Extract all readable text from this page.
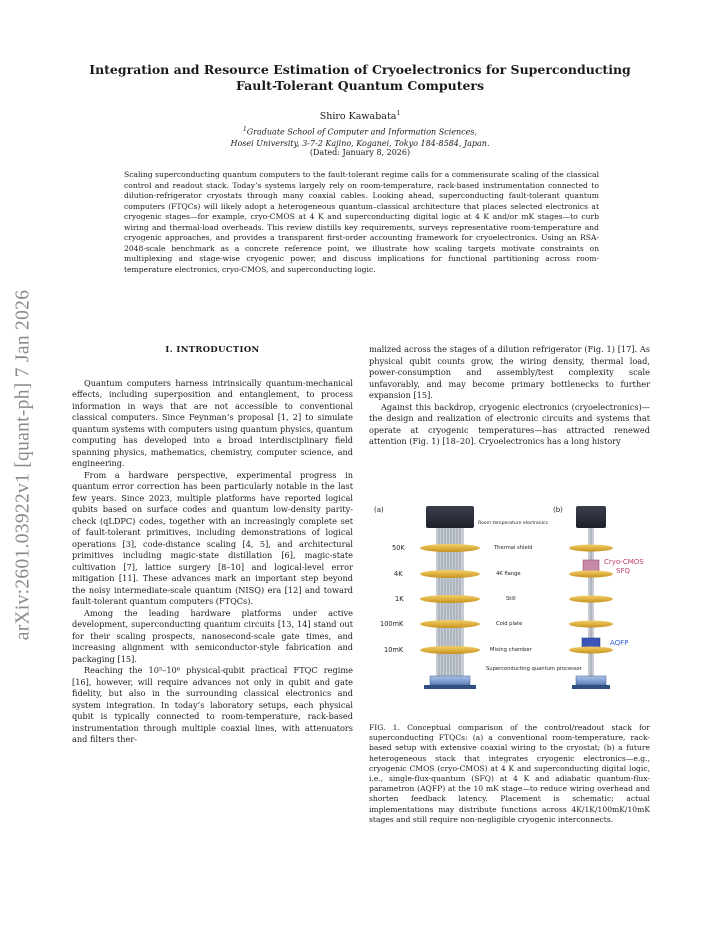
arXiv:2601.03922v1 [quant-ph] 7 Jan 2026
Integration and Resource Estimation of Cryoelectronics for Superconducting
Fault-Tolerant Quantum Computers
Shiro Kawabata$^1$
$^1$Graduate School of Computer and Information Sciences,
Hosei University, 3-7-2 Kajino, Koganei, Tokyo 184-8584, Japan.
(Dated: January 8, 2026)
Scaling superconducting quantum computers to the fault-tolerant regime calls for a commensurate scaling of the classical control and readout stack. Today’s systems largely rely on room-temperature, rack-based instrumentation connected to dilution-refrigerator cryostats through many coaxial cables. Looking ahead, superconducting fault-tolerant quantum computers (FTQCs) will likely adopt a heterogeneous quantum–classical architecture that places selected electronics at cryogenic stages—for example, cryo-CMOS at 4 K and superconducting digital logic at 4 K and/or mK stages—to curb wiring and thermal-load overheads. This review distills key requirements, surveys representative room-temperature and cryogenic approaches, and provides a transparent first-order accounting framework for cryoelectronics. Using an RSA-2048-scale benchmark as a concrete reference point, we illustrate how scaling targets motivate constraints on multiplexing and stage-wise cryogenic power, and discuss implications for functional partitioning across room-temperature electronics, cryo-CMOS, and superconducting logic.
I. INTRODUCTION

Quantum computers harness intrinsically quantum-mechanical effects, including superposition and entanglement, to process information in ways that are not accessible to conventional classical computers. Since Feynman’s proposal [1, 2] to simulate quantum systems with computers using quantum physics, quantum computing has developed into a broad interdisciplinary field spanning physics, mathematics, chemistry, computer science, and engineering.

From a hardware perspective, experimental progress in quantum error correction has been particularly notable in the last few years. Since 2023, multiple platforms have reported logical qubits based on surface codes and quantum low-density parity-check (qLDPC) codes, together with an increasingly complete set of fault-tolerant primitives, including demonstrations of logical operations [3], code-distance scaling [4, 5], and architectural primitives including magic-state distillation [6], magic-state cultivation [7], lattice surgery [8–10] and logical-level error mitigation [11]. These advances mark an important step beyond the noisy intermediate-scale quantum (NISQ) era [12] and toward fault-tolerant quantum computers (FTQCs).

Among the leading hardware platforms under active development, superconducting quantum circuits [13, 14] stand out for their scaling prospects, nanosecond-scale gate times, and increasing alignment with semiconductor-style fabrication and packaging [15].

Reaching the 10⁵–10⁶ physical-qubit practical FTQC regime [16], however, will require advances not only in qubit and gate fidelity, but also in the surrounding classical electronics and system integration. In today’s laboratory setups, each physical qubit is typically connected to room-temperature, rack-based instrumentation through multiple coaxial lines, with attenuators and filters ther-

malized across the stages of a dilution refrigerator (Fig. 1) [17]. As physical qubit counts grow, the wiring density, thermal load, power-consumption and assembly/test complexity scale unfavorably, and may become primary bottlenecks to further expansion [15].

Against this backdrop, cryogenic electronics (cryoelectronics)—the design and realization of electronic circuits and systems that operate at cryogenic temperatures—has attracted renewed attention (Fig. 1) [18–20]. Cryoelectronics has a long history

(a)	(b)
50K
4K
1K
100mK
10mK
Room temperature electronics
Thermal shield
4K flange
Still
Cold plate
Mixing chamber
Superconducting quantum processor
Cryo-CMOS
SFQ
AQFP
FIG. 1. Conceptual comparison of the control/readout stack for superconducting FTQCs: (a) a conventional room-temperature, rack-based setup with extensive coaxial wiring to the cryostat; (b) a future heterogeneous stack that integrates cryogenic electronics—e.g., cryogenic CMOS (cryo-CMOS) at 4 K and superconducting digital logic, i.e., single-flux-quantum (SFQ) at 4 K and adiabatic quantum-flux-parametron (AQFP) at the 10 mK stage—to reduce wiring overhead and shorten feedback latency. Placement is schematic; actual implementations may distribute functions across 4K/1K/100mK/10mK stages and still require non-negligible cryogenic interconnects.
